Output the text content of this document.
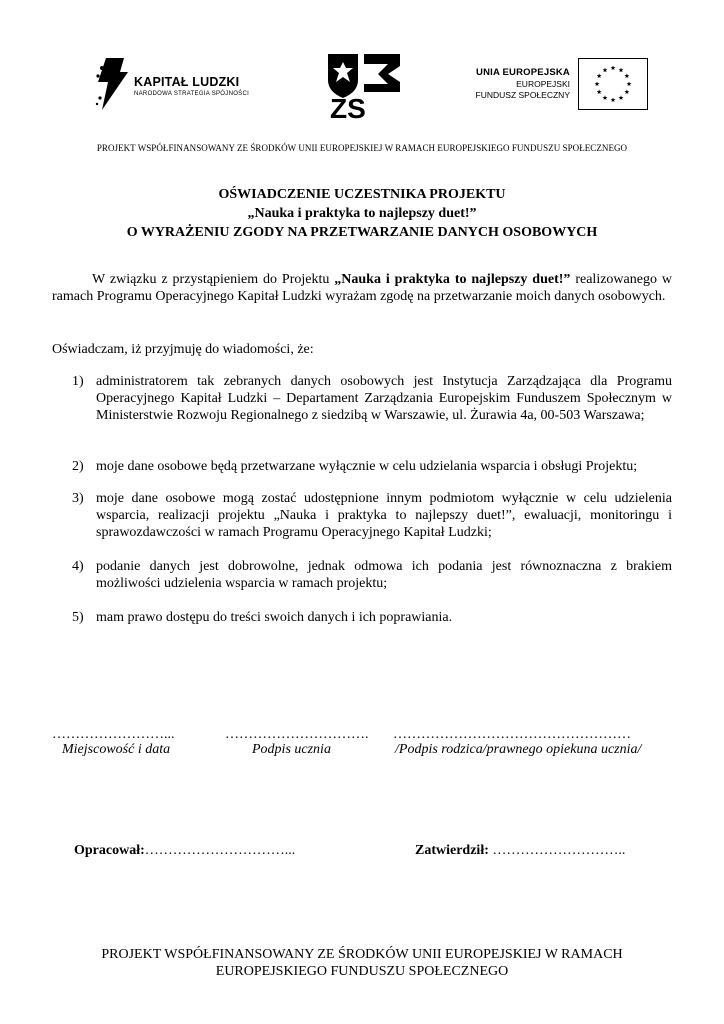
KAPITAŁ LUDZKI
NARODOWA STRATEGIA SPÓJNOŚCI	ZS
UNIA EUROPEJSKA
EUROPEJSKI
FUNDUSZ SPOŁECZNY
PROJEKT WSPÓŁFINANSOWANY ZE ŚRODKÓW UNII EUROPEJSKIEJ W RAMACH EUROPEJSKIEGO FUNDUSZU SPOŁECZNEGO
OŚWIADCZENIE UCZESTNIKA PROJEKTU
„Nauka i praktyka to najlepszy duet!”
O WYRAŻENIU ZGODY NA PRZETWARZANIE DANYCH OSOBOWYCH
W związku z przystąpieniem do Projektu „Nauka i praktyka to najlepszy duet!” realizowanego w ramach Programu Operacyjnego Kapitał Ludzki wyrażam zgodę na przetwarzanie moich danych osobowych.
Oświadczam, iż przyjmuję do wiadomości, że:
1) administratorem tak zebranych danych osobowych jest Instytucja Zarządzająca dla Programu Operacyjnego Kapitał Ludzki – Departament Zarządzania Europejskim Funduszem Społecznym w Ministerstwie Rozwoju Regionalnego z siedzibą w Warszawie, ul. Żurawia 4a, 00-503 Warszawa;
2) moje dane osobowe będą przetwarzane wyłącznie w celu udzielania wsparcia i obsługi Projektu;
3) moje dane osobowe mogą zostać udostępnione innym podmiotom wyłącznie w celu udzielenia wsparcia, realizacji projektu „Nauka i praktyka to najlepszy duet!”, ewaluacji, monitoringu i sprawozdawczości w ramach Programu Operacyjnego Kapitał Ludzki;
4) podanie danych jest dobrowolne, jednak odmowa ich podania jest równoznaczna z brakiem możliwości udzielenia wsparcia w ramach projektu;
5) mam prawo dostępu do treści swoich danych i ich poprawiania.
……………………...	…………………………. ……………………………………………
Miejscowość i data	Podpis ucznia	/Podpis rodzica/prawnego opiekuna ucznia/
Opracował:…………………………...	Zatwierdził: ………………………..
PROJEKT WSPÓŁFINANSOWANY ZE ŚRODKÓW UNII EUROPEJSKIEJ W RAMACH
EUROPEJSKIEGO FUNDUSZU SPOŁECZNEGO
